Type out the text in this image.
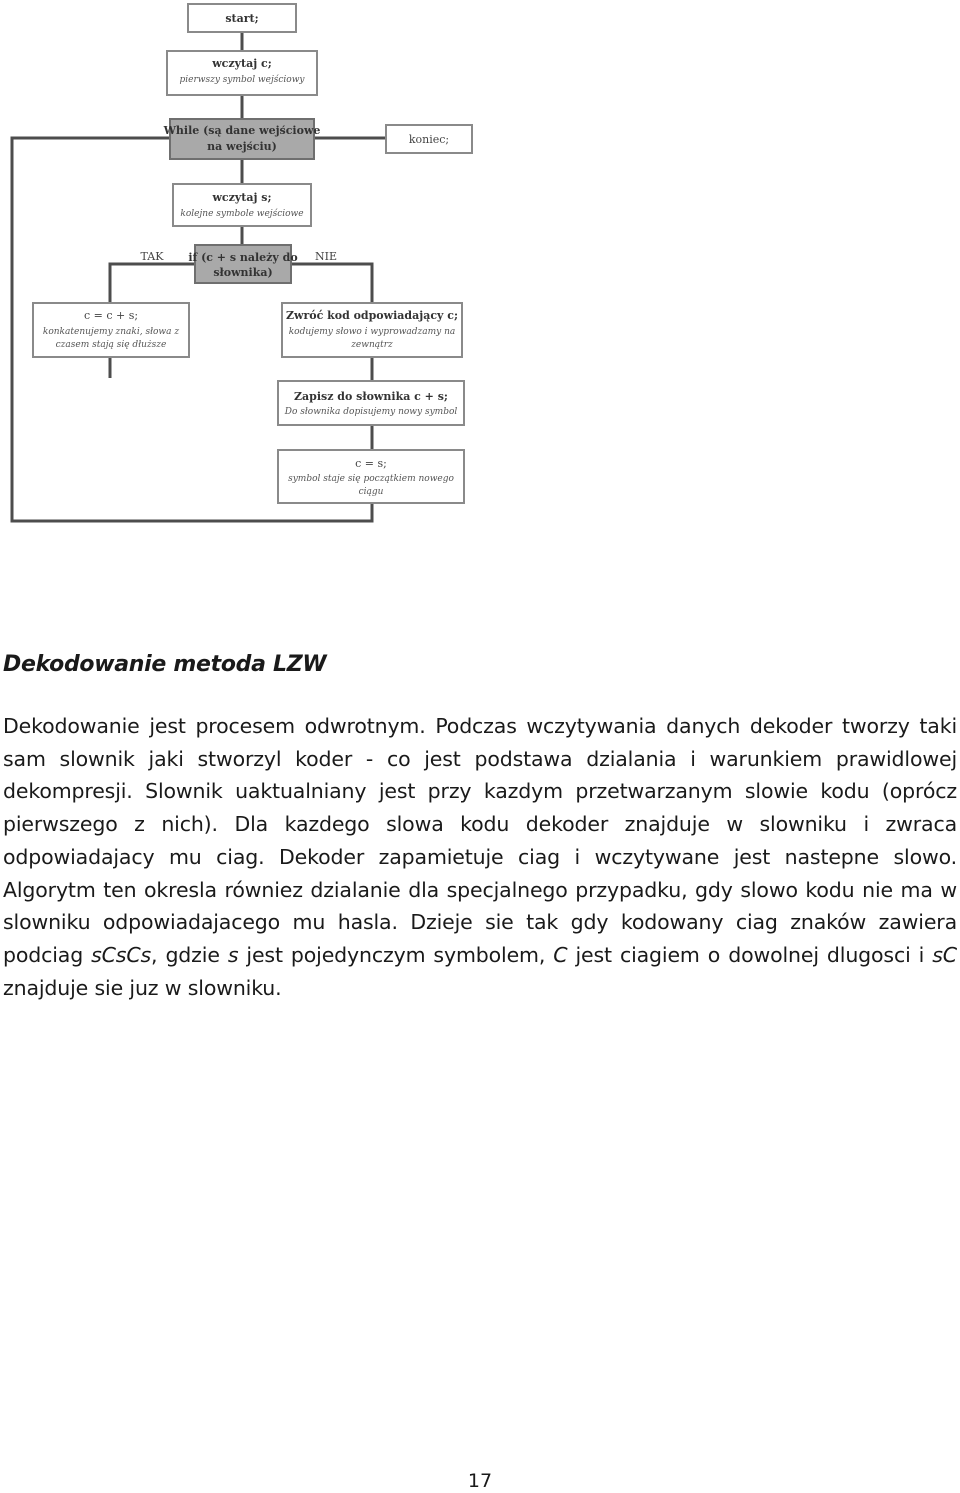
start;
wczytaj c;
pierwszy symbol wejściowy
While (są dane wejściowe
na wejściu)
koniec;
wczytaj s;
kolejne symbole wejściowe
if (c + s należy do
słownika)
TAK	NIE
c = c + s;
konkatenujemy znaki, słowa z
czasem stają się dłuższe
Zwróć kod odpowiadający c;
kodujemy słowo i wyprowadzamy na
zewnątrz
Zapisz do słownika c + s;
Do słownika dopisujemy nowy symbol
c = s;
symbol staje się początkiem nowego
ciągu
Dekodowanie metoda LZW

Dekodowanie jest procesem odwrotnym. Podczas wczytywania danych dekoder tworzy taki sam slownik jaki stworzyl koder - co jest podstawa dzialania i warunkiem prawidlowej dekompresji. Slownik uaktualniany jest przy kazdym przetwarzanym slowie kodu (oprócz pierwszego z nich). Dla kazdego slowa kodu dekoder znajduje w slowniku i zwraca odpowiadajacy mu ciag. Dekoder zapamietuje ciag i wczytywane jest nastepne slowo. Algorytm ten okresla równiez dzialanie dla specjalnego przypadku, gdy slowo kodu nie ma w slowniku odpowiadajacego mu hasla. Dzieje sie tak gdy kodowany ciag znaków zawiera podciag sCsCs, gdzie s jest pojedynczym symbolem, C jest ciagiem o dowolnej dlugosci i sC znajduje sie juz w slowniku.

17
